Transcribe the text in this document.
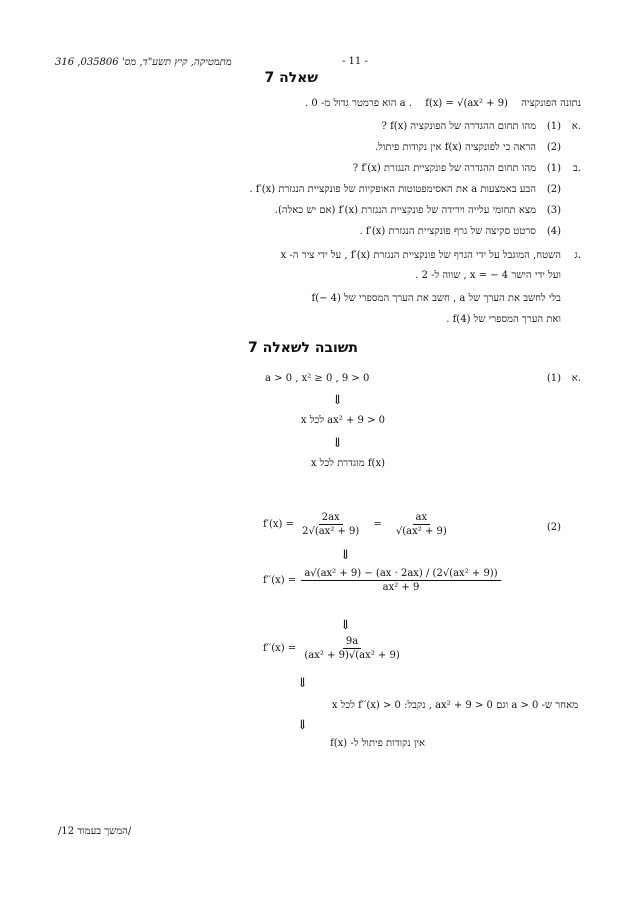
מתמטיקה, קיץ תשע"ד, מס' 035806, 316	- 11 -
שאלה 7
נתונה הפונקציה f(x) = √(ax² + 9) . a הוא פרמטר גדול מ- 0 .
א.
(1)
מהו תחום ההגדרה של הפונקציה f(x) ?
(2)
הראה כי לפונקציה f(x) אין נקודות פיתול.
ב.
(1)
מהו תחום ההגדרה של פונקציית הנגזרת f′(x) ?
(2)
הבע באמצעות a את האסימפטוטות האופקיות של פונקציית הנגזרת f′(x) .
(3)
מצא תחומי עלייה וירידה של פונקציית הנגזרת f′(x) (אם יש כאלה).
(4)
סרטט סקיצה של גרף פונקציית הנגזרת f′(x) .
ג.
השטח, המוגבל על ידי הגרף של פונקציית הנגזרת f′(x) , על ידי ציר ה- x
ועל ידי הישר x = − 4 , שווה ל- 2 .
בלי לחשב את הערך של a , חשב את הערך המספרי של f(− 4)
ואת הערך המספרי של f(4) .
תשובה לשאלה 7
א.
(1)
a > 0 , x² ≥ 0 , 9 > 0
⇓
x לכל ax² + 9 > 0
⇓
x מוגדרת לכל f(x)
(2)
$f'(x) = \frac{2ax}{\text{2√(ax² + 9)}} = \frac{ax}{\text{√(ax² + 9)}}$
⇓
$f''(x) = \frac{\text{a√(ax² + 9) − (ax · 2ax) / (2√(ax² + 9))}}{\text{ax² + 9}}$
⇓
$f''(x) = \frac{9a}{\text{(ax² + 9)√(ax² + 9)}}$
⇓
מאחר ש- a > 0 וגם ax² + 9 > 0 , נקבל: f′′(x) > 0 לכל x
⇓
אין נקודות פיתול ל- f(x)
/המשך בעמוד 12/
